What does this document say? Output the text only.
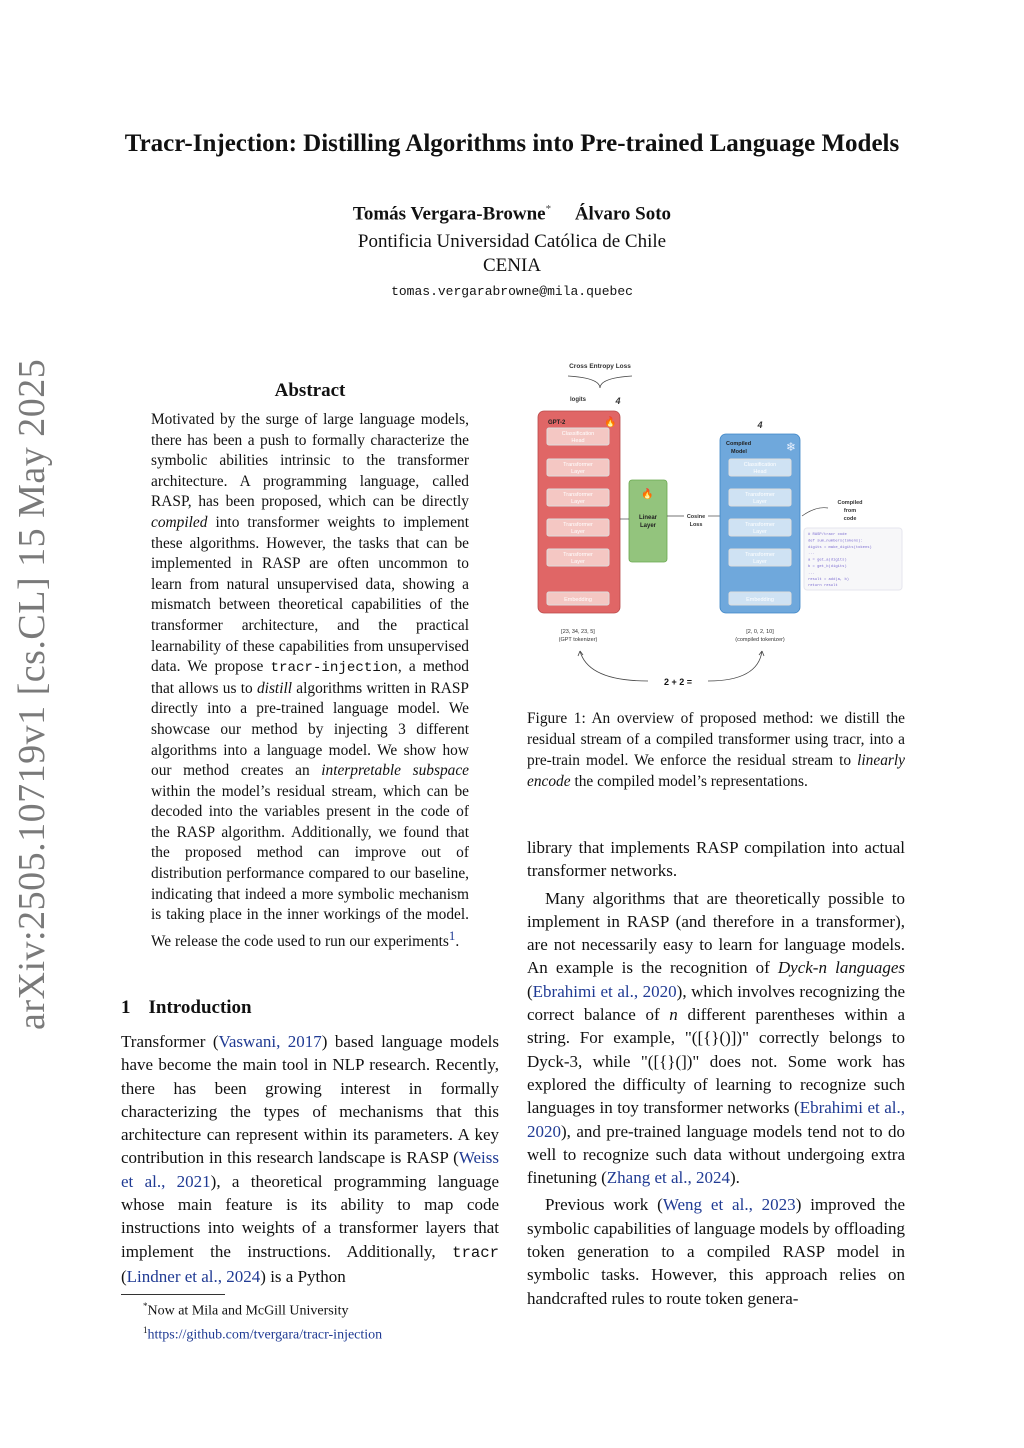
arXiv:2505.10719v1 [cs.CL] 15 May 2025
Tracr-Injection: Distilling Algorithms into Pre-trained Language Models
Tomás Vergara-Browne* Álvaro Soto
Pontificia Universidad Católica de Chile
CENIA
tomas.vergarabrowne@mila.quebec
Abstract
Motivated by the surge of large language models, there has been a push to formally characterize the symbolic abilities intrinsic to the transformer architecture. A programming language, called RASP, has been proposed, which can be directly compiled into transformer weights to implement these algorithms. However, the tasks that can be implemented in RASP are often uncommon to learn from natural unsupervised data, showing a mismatch between theoretical capabilities of the transformer architecture, and the practical learnability of these capabilities from unsupervised data. We propose tracr-injection, a method that allows us to distill algorithms written in RASP directly into a pre-trained language model. We showcase our method by injecting 3 different algorithms into a language model. We show how our method creates an interpretable subspace within the model’s residual stream, which can be decoded into the variables present in the code of the RASP algorithm. Additionally, we found that the proposed method can improve out of distribution performance compared to our baseline, indicating that indeed a more symbolic mechanism is taking place in the inner workings of the model. We release the code used to run our experiments$^1$.
1 Introduction
Transformer (Vaswani, 2017) based language models have become the main tool in NLP research. Recently, there has been growing interest in formally characterizing the types of mechanisms that this architecture can represent within its parameters. A key contribution in this research landscape is RASP (Weiss et al., 2021), a theoretical programming language whose main feature is its ability to map code instructions into weights of a transformer layers that implement the instructions. Additionally, tracr (Lindner et al., 2024) is a Python
*Now at Mila and McGill University
$^1$https://github.com/tvergara/tracr-injection
Cross Entropy Loss
logits	4
GPT-2	🔥
Classification
Head
Transformer
Layer
Transformer
Layer
Transformer
Layer
Transformer
Layer
Embedding
🔥
Linear
Layer
Cosine
Loss
4
Compiled
Model	❄
Classification
Head
Transformer
Layer
Transformer
Layer
Transformer
Layer
Embedding
Compiled
from
code
# RASP/tracr code
def sum_numbers(tokens):
digits = make_digits(tokens)
...
a = get_a(digits)
b = get_b(digits)
...
result = add(a, b)
return result
[23, 34, 23, 5]
(GPT tokenizer)
[2, 0, 2, 10]
(compiled tokenizer)
2 + 2 =
Figure 1: An overview of proposed method: we distill the residual stream of a compiled transformer using tracr, into a pre-train model. We enforce the residual stream to linearly encode the compiled model’s representations.

library that implements RASP compilation into actual transformer networks.

Many algorithms that are theoretically possible to implement in RASP (and therefore in a transformer), are not necessarily easy to learn for language models. An example is the recognition of Dyck-n languages (Ebrahimi et al., 2020), which involves recognizing the correct balance of n different parentheses within a string. For example, "([{}()])" correctly belongs to Dyck-3, while "([{}(])" does not. Some work has explored the difficulty of learning to recognize such languages in toy transformer networks (Ebrahimi et al., 2020), and pre-trained language models tend not to do well to recognize such data without undergoing extra finetuning (Zhang et al., 2024).

Previous work (Weng et al., 2023) improved the symbolic capabilities of language models by offloading token generation to a compiled RASP model in symbolic tasks. However, this approach relies on handcrafted rules to route token genera-
